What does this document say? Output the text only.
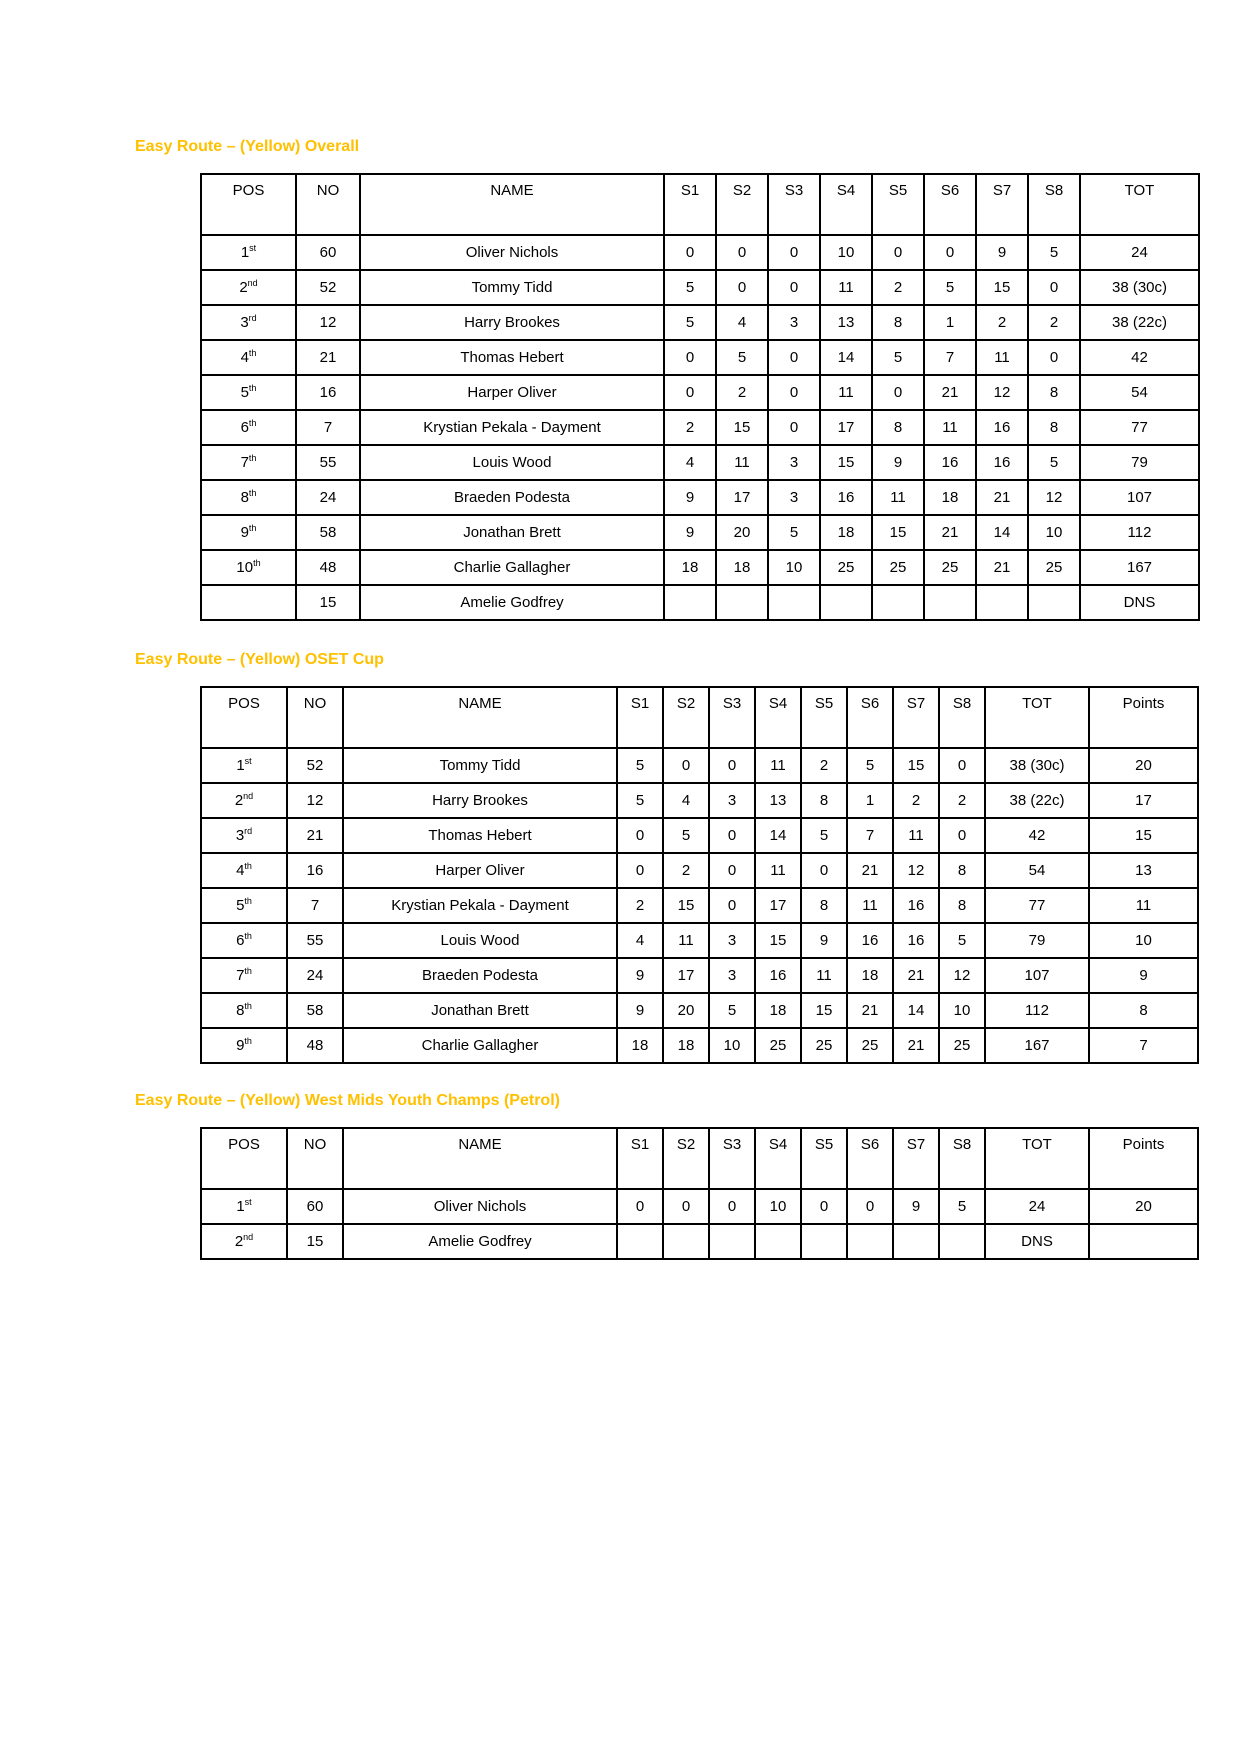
Easy Route – (Yellow) Overall
POS	NO	NAME	S1	S2	S3	S4	S5	S6	S7	S8	TOT
1st	60	Oliver Nichols	0	0	0	10	0	0	9	5	24
2nd	52	Tommy Tidd	5	0	0	11	2	5	15	0	38 (30c)
3rd	12	Harry Brookes	5	4	3	13	8	1	2	2	38 (22c)
4th	21	Thomas Hebert	0	5	0	14	5	7	11	0	42
5th	16	Harper Oliver	0	2	0	11	0	21	12	8	54
6th	7	Krystian Pekala - Dayment	2	15	0	17	8	11	16	8	77
7th	55	Louis Wood	4	11	3	15	9	16	16	5	79
8th	24	Braeden Podesta	9	17	3	16	11	18	21	12	107
9th	58	Jonathan Brett	9	20	5	18	15	21	14	10	112
10th	48	Charlie Gallagher	18	18	10	25	25	25	21	25	167
	15	Amelie Godfrey									DNS
Easy Route – (Yellow) OSET Cup
POS	NO	NAME	S1	S2	S3	S4	S5	S6	S7	S8	TOT	Points
1st	52	Tommy Tidd	5	0	0	11	2	5	15	0	38 (30c)	20
2nd	12	Harry Brookes	5	4	3	13	8	1	2	2	38 (22c)	17
3rd	21	Thomas Hebert	0	5	0	14	5	7	11	0	42	15
4th	16	Harper Oliver	0	2	0	11	0	21	12	8	54	13
5th	7	Krystian Pekala - Dayment	2	15	0	17	8	11	16	8	77	11
6th	55	Louis Wood	4	11	3	15	9	16	16	5	79	10
7th	24	Braeden Podesta	9	17	3	16	11	18	21	12	107	9
8th	58	Jonathan Brett	9	20	5	18	15	21	14	10	112	8
9th	48	Charlie Gallagher	18	18	10	25	25	25	21	25	167	7
Easy Route – (Yellow) West Mids Youth Champs (Petrol)
POS	NO	NAME	S1	S2	S3	S4	S5	S6	S7	S8	TOT	Points
1st	60	Oliver Nichols	0	0	0	10	0	0	9	5	24	20
2nd	15	Amelie Godfrey									DNS	
